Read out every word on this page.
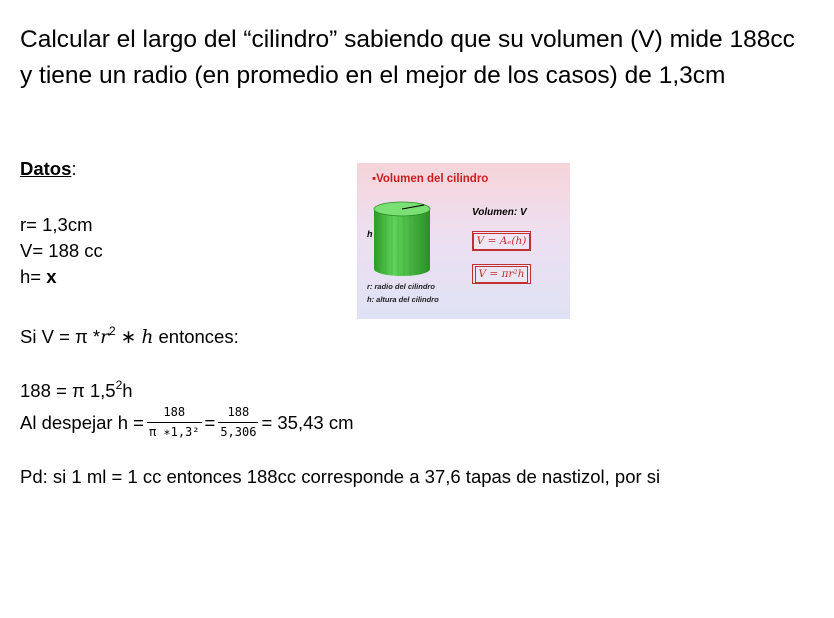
Calcular el largo del “cilindro” sabiendo que su volumen (V) mide 188cc y tiene un radio (en promedio en el mejor de los casos) de 1,3cm
Datos:
r= 1,3cm
V= 188 cc
h= x
Si V = π $*r^2$ ∗ h entonces:
188 = π $1,5^2h$
Al despejar $h = \frac{188}{\text{π ∗1,3²}} = \frac{188}{5,306} = 35,43$ cm
Pd: si 1 ml = 1 cc entonces 188cc corresponde a 37,6 tapas de nastizol, por si
▪Volumen del cilindro
h
Volumen: V
V = Aₑ(h)
V = πr²h
r: radio del cilindro
h: altura del cilindro
